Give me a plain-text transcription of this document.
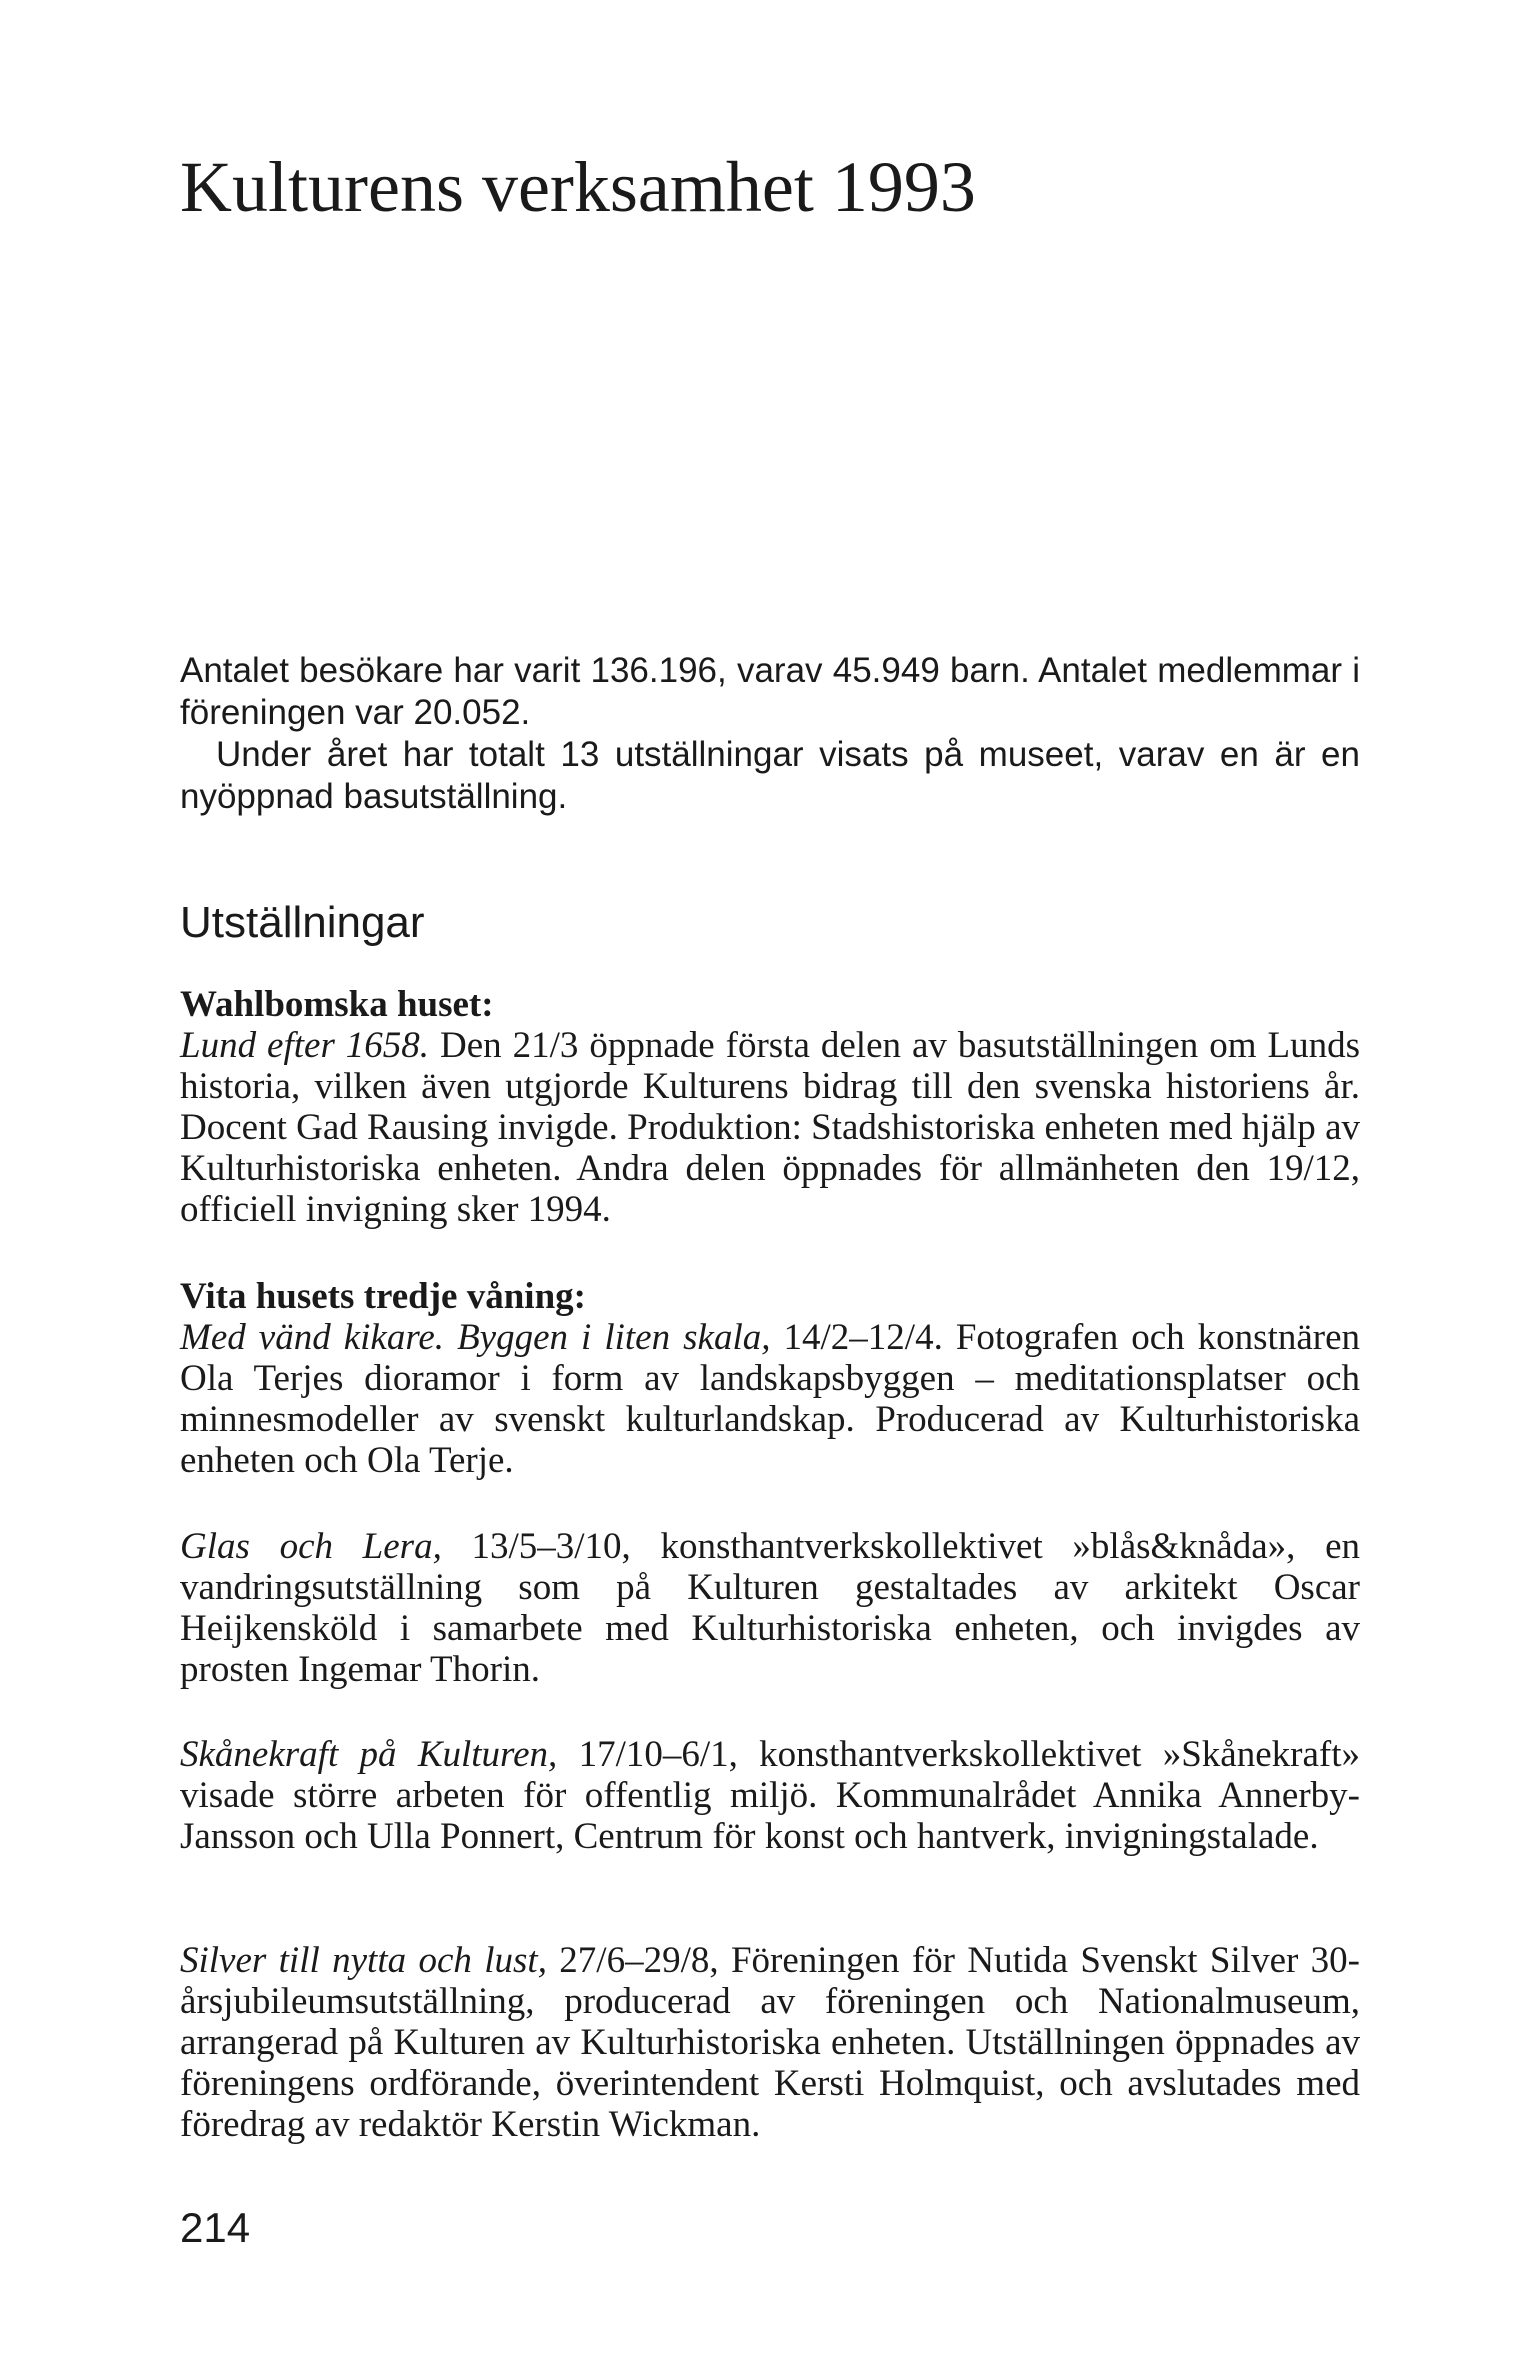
Kulturens verksamhet 1993

Antalet besökare har varit 136.196, varav 45.949 barn. Antalet medlemmar i föreningen var 20.052.

Under året har totalt 13 utställningar visats på museet, varav en är en nyöppnad basutställning.

Utställningar

Wahlbomska huset:

Lund efter 1658. Den 21/3 öppnade första delen av basutställningen om Lunds historia, vilken även utgjorde Kulturens bidrag till den svenska historiens år. Docent Gad Rausing invigde. Produktion: Stadshistoriska enheten med hjälp av Kulturhistoriska enheten. Andra delen öppnades för allmänheten den 19/12, officiell invigning sker 1994.

Vita husets tredje våning:

Med vänd kikare. Byggen i liten skala, 14/2–12/4. Fotografen och konstnären Ola Terjes dioramor i form av landskapsbyggen – meditationsplatser och minnesmodeller av svenskt kulturlandskap. Producerad av Kulturhistoriska enheten och Ola Terje.

Glas och Lera, 13/5–3/10, konsthantverkskollektivet »blås&knåda», en vandringsutställning som på Kulturen gestaltades av arkitekt Oscar Heijkensköld i samarbete med Kulturhistoriska enheten, och invigdes av prosten Ingemar Thorin.

Skånekraft på Kulturen, 17/10–6/1, konsthantverkskollektivet »Skånekraft» visade större arbeten för offentlig miljö. Kommunalrådet Annika Annerby-Jansson och Ulla Ponnert, Centrum för konst och hantverk, invigningstalade.

Silver till nytta och lust, 27/6–29/8, Föreningen för Nutida Svenskt Silver 30-årsjubileumsutställning, producerad av föreningen och Nationalmuseum, arrangerad på Kulturen av Kulturhistoriska enheten. Utställningen öppnades av föreningens ordförande, överintendent Kersti Holmquist, och avslutades med föredrag av redaktör Kerstin Wickman.

214
